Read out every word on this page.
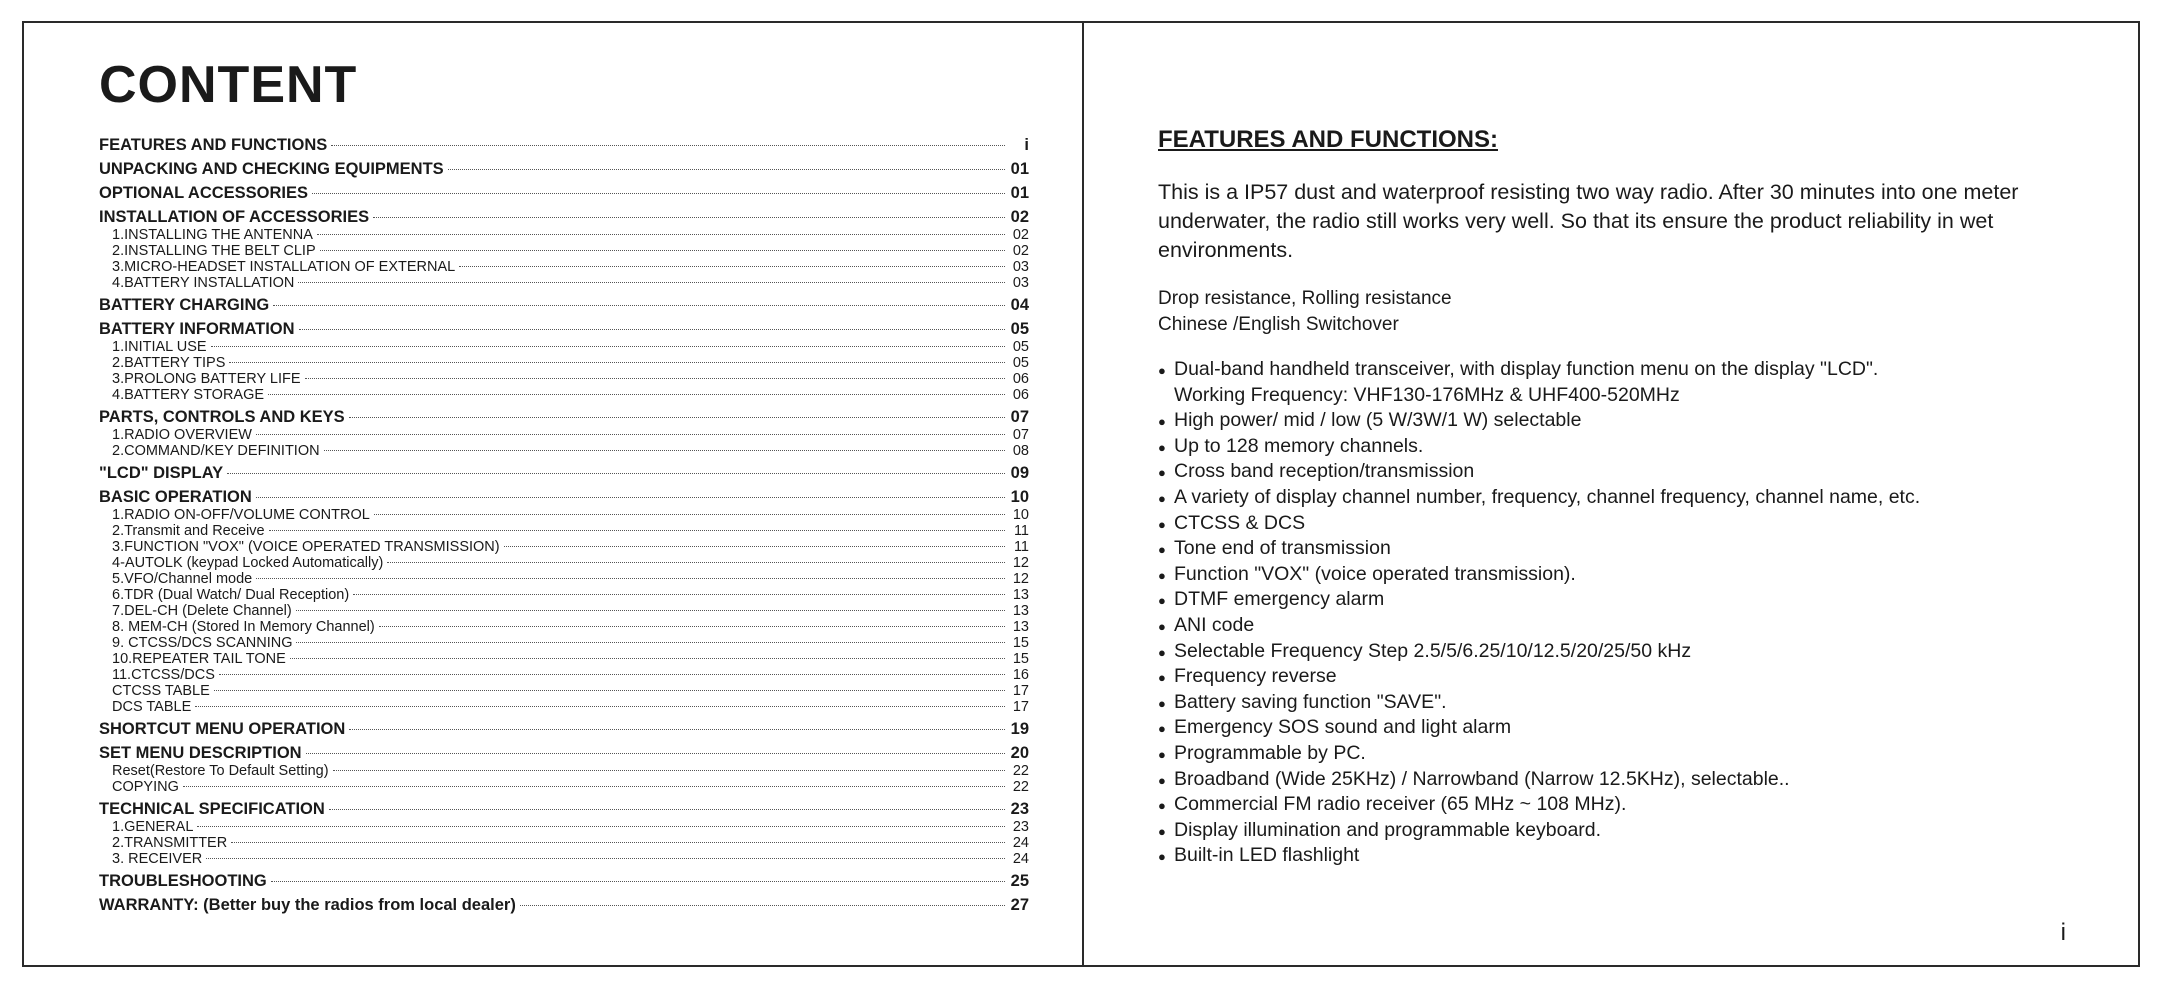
CONTENT
FEATURES AND FUNCTIONS	i
UNPACKING AND CHECKING EQUIPMENTS	01
OPTIONAL ACCESSORIES	01
INSTALLATION OF ACCESSORIES	02
1.INSTALLING THE ANTENNA	02
2.INSTALLING THE BELT CLIP	02
3.MICRO-HEADSET INSTALLATION OF EXTERNAL	03
4.BATTERY INSTALLATION	03
BATTERY CHARGING	04
BATTERY INFORMATION	05
1.INITIAL USE	05
2.BATTERY TIPS	05
3.PROLONG BATTERY LIFE	06
4.BATTERY STORAGE	06
PARTS, CONTROLS AND KEYS	07
1.RADIO OVERVIEW	07
2.COMMAND/KEY DEFINITION	08
"LCD" DISPLAY	09
BASIC OPERATION	10
1.RADIO ON-OFF/VOLUME CONTROL	10
2.Transmit and Receive	11
3.FUNCTION "VOX" (VOICE OPERATED TRANSMISSION)	11
4-AUTOLK (keypad Locked Automatically)	12
5.VFO/Channel mode	12
6.TDR (Dual Watch/ Dual Reception)	13
7.DEL-CH (Delete Channel)	13
8. MEM-CH (Stored In Memory Channel)	13
9. CTCSS/DCS SCANNING	15
10.REPEATER TAIL TONE	15
11.CTCSS/DCS	16
CTCSS TABLE	17
DCS TABLE	17
SHORTCUT MENU OPERATION	19
SET MENU DESCRIPTION	20
Reset(Restore To Default Setting)	22
COPYING	22
TECHNICAL SPECIFICATION	23
1.GENERAL	23
2.TRANSMITTER	24
3. RECEIVER	24
TROUBLESHOOTING	25
WARRANTY: (Better buy the radios from local dealer)	27
FEATURES AND FUNCTIONS:

This is a IP57 dust and waterproof resisting two way radio. After 30 minutes into one meter underwater, the radio still works very well. So that its ensure the product reliability in wet environments.

Drop resistance, Rolling resistance
Chinese /English Switchover
● Dual-band handheld transceiver, with display function menu on the display "LCD".
Working Frequency: VHF130-176MHz & UHF400-520MHz
● High power/ mid / low (5 W/3W/1 W) selectable
● Up to 128 memory channels.
● Cross band reception/transmission
● A variety of display channel number, frequency, channel frequency, channel name, etc.
● CTCSS & DCS
● Tone end of transmission
● Function "VOX" (voice operated transmission).
● DTMF emergency alarm
● ANI code
● Selectable Frequency Step 2.5/5/6.25/10/12.5/20/25/50 kHz
● Frequency reverse
● Battery saving function "SAVE".
● Emergency SOS sound and light alarm
● Programmable by PC.
● Broadband (Wide 25KHz) / Narrowband (Narrow 12.5KHz), selectable..
● Commercial FM radio receiver (65 MHz ~ 108 MHz).
● Display illumination and programmable keyboard.
● Built-in LED flashlight
i
